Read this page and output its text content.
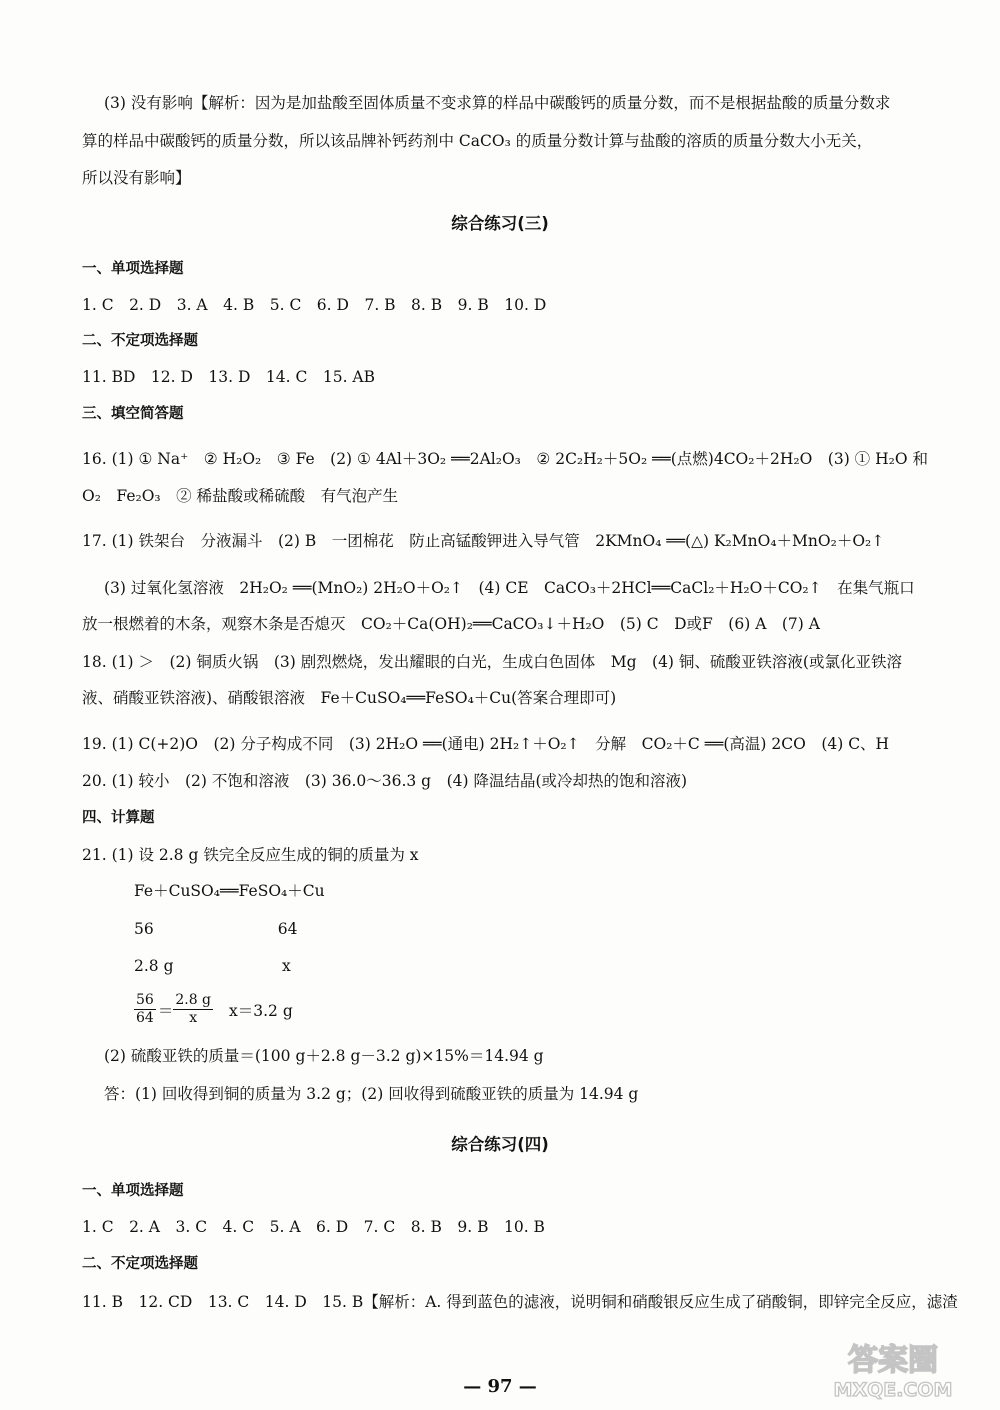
(3) 没有影响【解析：因为是加盐酸至固体质量不变求算的样品中碳酸钙的质量分数，而不是根据盐酸的质量分数求
算的样品中碳酸钙的质量分数，所以该品牌补钙药剂中 CaCO₃ 的质量分数计算与盐酸的溶质的质量分数大小无关，
所以没有影响】
综合练习(三)
一、单项选择题
1. C　2. D　3. A　4. B　5. C　6. D　7. B　8. B　9. B　10. D
二、不定项选择题
11. BD　12. D　13. D　14. C　15. AB
三、填空简答题
16. (1) ① Na⁺　② H₂O₂　③ Fe　(2) ① 4Al＋3O₂ ══2Al₂O₃　② 2C₂H₂＋5O₂ ══(点燃)4CO₂＋2H₂O　(3) ① H₂O 和
O₂　Fe₂O₃　② 稀盐酸或稀硫酸　有气泡产生
17. (1) 铁架台　分液漏斗　(2) B　一团棉花　防止高锰酸钾进入导气管　2KMnO₄ ══(△) K₂MnO₄＋MnO₂＋O₂↑
(3) 过氧化氢溶液　2H₂O₂ ══(MnO₂) 2H₂O＋O₂↑　(4) CE　CaCO₃＋2HCl══CaCl₂＋H₂O＋CO₂↑　在集气瓶口
放一根燃着的木条，观察木条是否熄灭　CO₂＋Ca(OH)₂══CaCO₃↓＋H₂O　(5) C　D或F　(6) A　(7) A
18. (1) ＞　(2) 铜质火锅　(3) 剧烈燃烧，发出耀眼的白光，生成白色固体　Mg　(4) 铜、硫酸亚铁溶液(或氯化亚铁溶
液、硝酸亚铁溶液)、硝酸银溶液　Fe＋CuSO₄══FeSO₄＋Cu(答案合理即可)
19. (1) C(+2)O　(2) 分子构成不同　(3) 2H₂O ══(通电) 2H₂↑＋O₂↑　分解　CO₂＋C ══(高温) 2CO　(4) C、H
20. (1) 较小　(2) 不饱和溶液　(3) 36.0～36.3 g　(4) 降温结晶(或冷却热的饱和溶液)
四、计算题
21. (1) 设 2.8 g 铁完全反应生成的铜的质量为 x
Fe＋CuSO₄══FeSO₄＋Cu
56　　　　　　　　64
2.8 g　　　　　　　x
$\frac{56}{64} = \frac{2.8 g}{x} x=3.2$ g
(2) 硫酸亚铁的质量＝(100 g＋2.8 g－3.2 g)×15%＝14.94 g
答：(1) 回收得到铜的质量为 3.2 g；(2) 回收得到硫酸亚铁的质量为 14.94 g
综合练习(四)
一、单项选择题
1. C　2. A　3. C　4. C　5. A　6. D　7. C　8. B　9. B　10. B
二、不定项选择题
11. B　12. CD　13. C　14. D　15. B【解析：A. 得到蓝色的滤液，说明铜和硝酸银反应生成了硝酸铜，即锌完全反应，滤渣
— 97 —
答案圈
MXQE.COM
